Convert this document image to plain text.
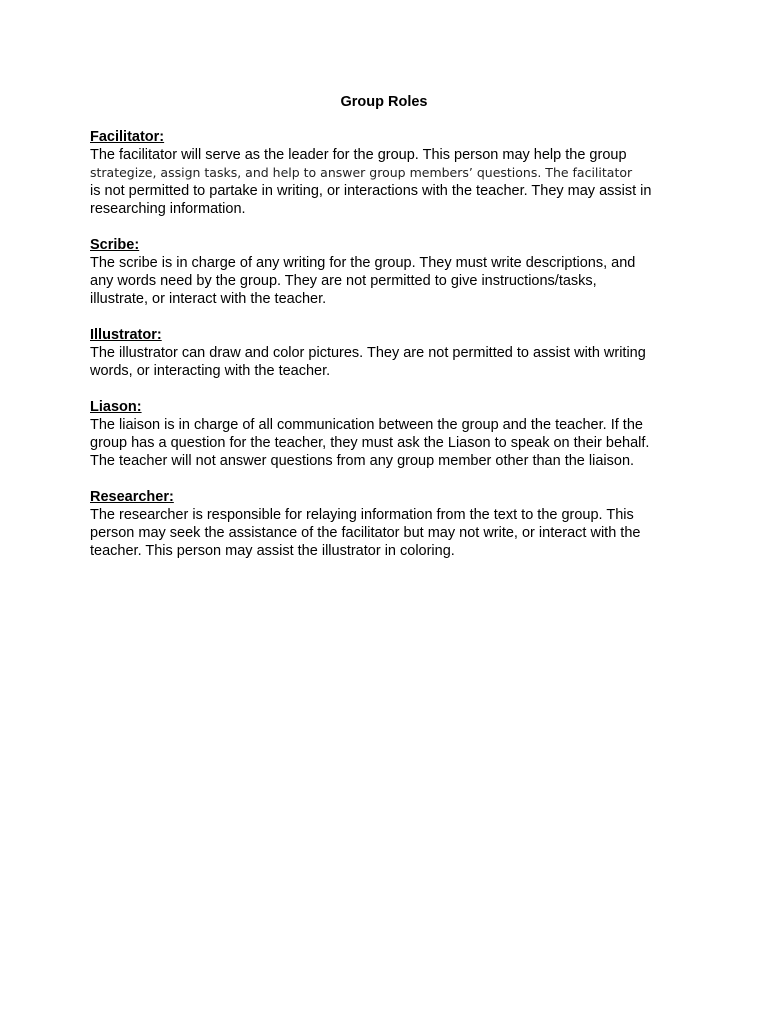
Group Roles
Facilitator:
The facilitator will serve as the leader for the group. This person may help the group
strategize, assign tasks, and help to answer group members’ questions. The facilitator
is not permitted to partake in writing, or interactions with the teacher. They may assist in
researching information.
Scribe:
The scribe is in charge of any writing for the group. They must write descriptions, and
any words need by the group. They are not permitted to give instructions/tasks,
illustrate, or interact with the teacher.
Illustrator:
The illustrator can draw and color pictures. They are not permitted to assist with writing
words, or interacting with the teacher.
Liason:
The liaison is in charge of all communication between the group and the teacher. If the
group has a question for the teacher, they must ask the Liason to speak on their behalf.
The teacher will not answer questions from any group member other than the liaison.
Researcher:
The researcher is responsible for relaying information from the text to the group. This
person may seek the assistance of the facilitator but may not write, or interact with the
teacher. This person may assist the illustrator in coloring.
